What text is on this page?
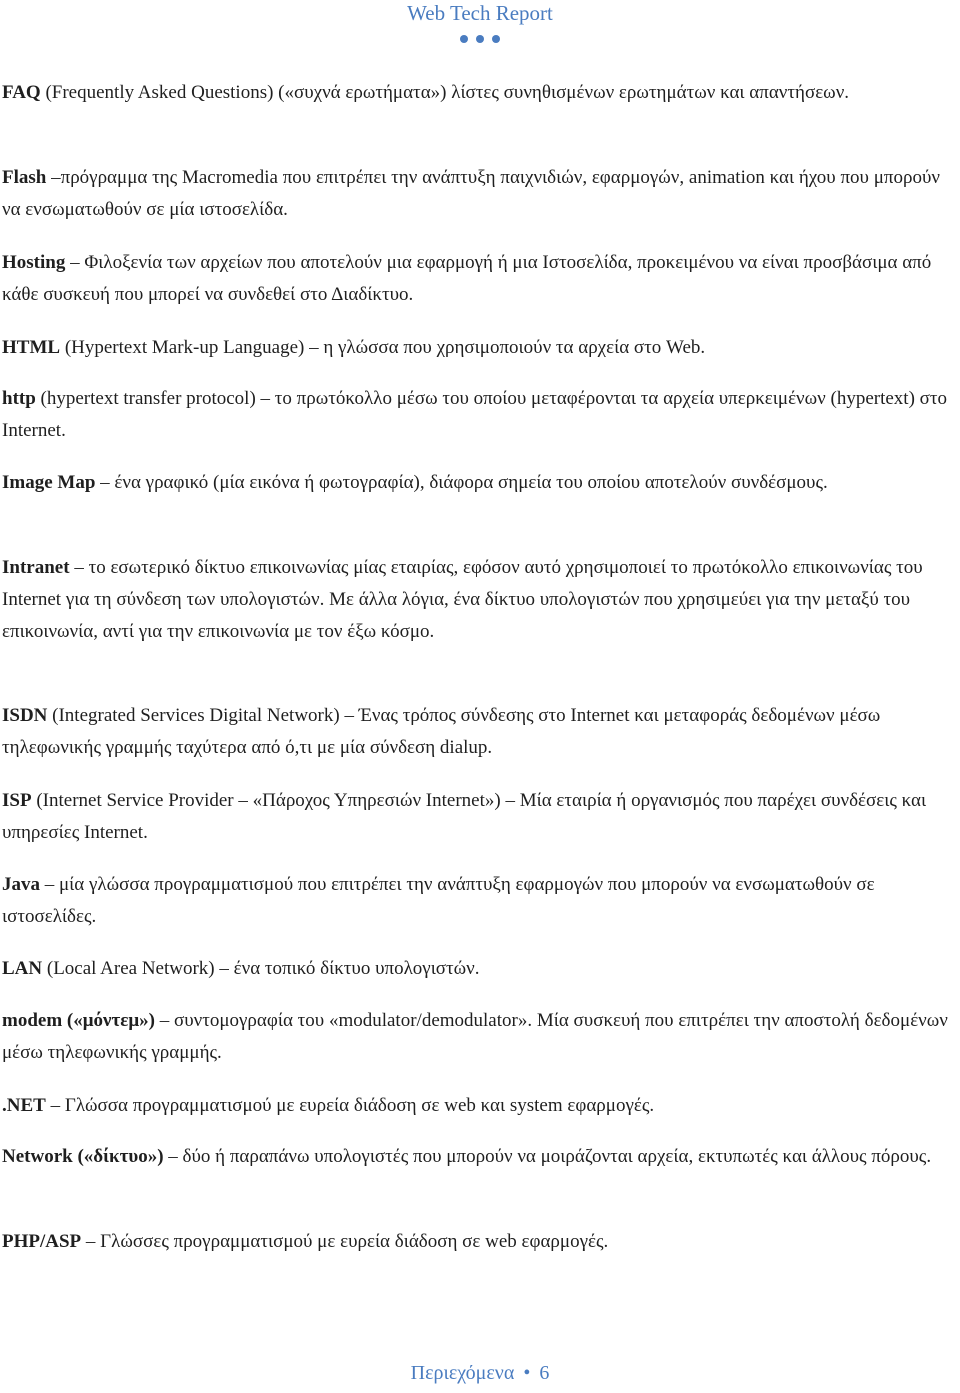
Web Tech Report

FAQ (Frequently Asked Questions) («συχνά ερωτήματα») λίστες συνηθισμένων ερωτημάτων και απαντήσεων.

Flash –πρόγραμμα της Macromedia που επιτρέπει την ανάπτυξη παιχνιδιών, εφαρμογών, animation και ήχου που μπορούν να ενσωματωθούν σε μία ιστοσελίδα.

Hosting – Φιλοξενία των αρχείων που αποτελούν μια εφαρμογή ή μια Ιστοσελίδα, προκειμένου να είναι προσβάσιμα από κάθε συσκευή που μπορεί να συνδεθεί στο Διαδίκτυο.

HTML (Hypertext Mark-up Language) – η γλώσσα που χρησιμοποιούν τα αρχεία στο Web.

http (hypertext transfer protocol) – το πρωτόκολλο μέσω του οποίου μεταφέρονται τα αρχεία υπερκειμένων (hypertext) στο Internet.

Image Map – ένα γραφικό (μία εικόνα ή φωτογραφία), διάφορα σημεία του οποίου αποτελούν συνδέσμους.

Intranet – το εσωτερικό δίκτυο επικοινωνίας μίας εταιρίας, εφόσον αυτό χρησιμοποιεί το πρωτόκολλο επικοινωνίας του Internet για τη σύνδεση των υπολογιστών. Με άλλα λόγια, ένα δίκτυο υπολογιστών που χρησιμεύει για την μεταξύ του επικοινωνία, αντί για την επικοινωνία με τον έξω κόσμο.

ISDN (Integrated Services Digital Network) – Ένας τρόπος σύνδεσης στο Internet και μεταφοράς δεδομένων μέσω τηλεφωνικής γραμμής ταχύτερα από ό,τι με μία σύνδεση dialup.

ISP (Internet Service Provider – «Πάροχος Υπηρεσιών Internet») – Μία εταιρία ή οργανισμός που παρέχει συνδέσεις και υπηρεσίες Internet.

Java – μία γλώσσα προγραμματισμού που επιτρέπει την ανάπτυξη εφαρμογών που μπορούν να ενσωματωθούν σε ιστοσελίδες.

LAN (Local Area Network) – ένα τοπικό δίκτυο υπολογιστών.

modem («μόντεμ») – συντομογραφία του «modulator/demodulator». Μία συσκευή που επιτρέπει την αποστολή δεδομένων μέσω τηλεφωνικής γραμμής.

.NET – Γλώσσα προγραμματισμού με ευρεία διάδοση σε web και system εφαρμογές.

Network («δίκτυο») – δύο ή παραπάνω υπολογιστές που μπορούν να μοιράζονται αρχεία, εκτυπωτές και άλλους πόρους.

PHP/ASP – Γλώσσες προγραμματισμού με ευρεία διάδοση σε web εφαρμογές.

Περιεχόμενα • 6
